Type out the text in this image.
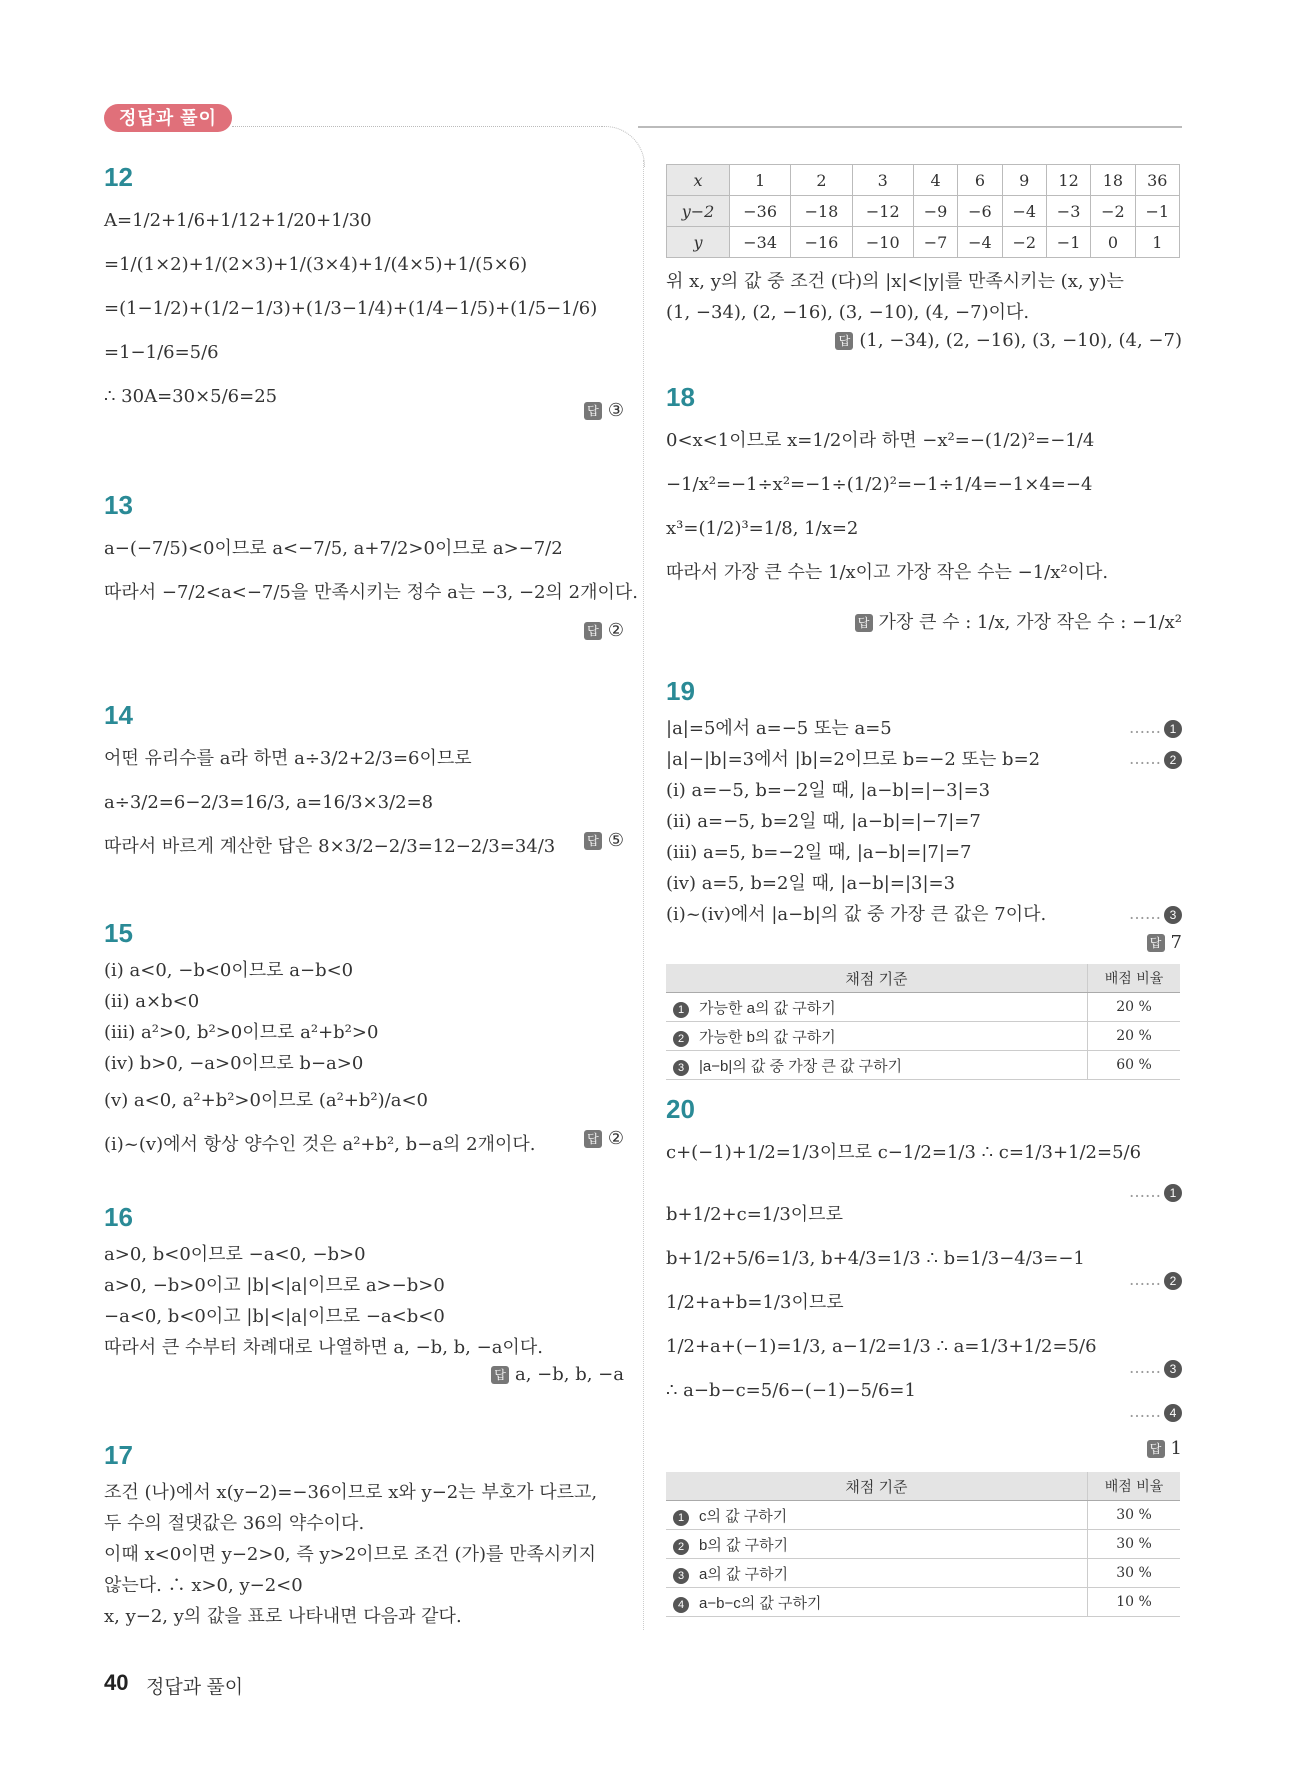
정답과 풀이
12
A=1/2+1/6+1/12+1/20+1/30
=1/(1×2)+1/(2×3)+1/(3×4)+1/(4×5)+1/(5×6)
=(1−1/2)+(1/2−1/3)+(1/3−1/4)+(1/4−1/5)+(1/5−1/6)
=1−1/6=5/6
∴ 30A=30×5/6=25
답 ③
13
a−(−7/5)<0이므로 a<−7/5, a+7/2>0이므로 a>−7/2
따라서 −7/2<a<−7/5을 만족시키는 정수 a는 −3, −2의 2개이다.
답 ②
14
어떤 유리수를 a라 하면 a÷3/2+2/3=6이므로
a÷3/2=6−2/3=16/3, a=16/3×3/2=8
따라서 바르게 계산한 답은 8×3/2−2/3=12−2/3=34/3	답 ⑤
15
(ⅰ) a<0, −b<0이므로 a−b<0
(ⅱ) a×b<0
(ⅲ) a²>0, b²>0이므로 a²+b²>0
(ⅳ) b>0, −a>0이므로 b−a>0
(ⅴ) a<0, a²+b²>0이므로 (a²+b²)/a<0
(ⅰ)~(ⅴ)에서 항상 양수인 것은 a²+b², b−a의 2개이다.	답 ②
16
a>0, b<0이므로 −a<0, −b>0
a>0, −b>0이고 |b|<|a|이므로 a>−b>0
−a<0, b<0이고 |b|<|a|이므로 −a<b<0
따라서 큰 수부터 차례대로 나열하면 a, −b, b, −a이다.
답 a, −b, b, −a
17
조건 (나)에서 x(y−2)=−36이므로 x와 y−2는 부호가 다르고,
두 수의 절댓값은 36의 약수이다.
이때 x<0이면 y−2>0, 즉 y>2이므로 조건 (가)를 만족시키지
않는다. ∴ x>0, y−2<0
x, y−2, y의 값을 표로 나타내면 다음과 같다.
x	1	2	3	4	6	9	12	18	36
y−2	−36	−18	−12	−9	−6	−4	−3	−2	−1
y	−34	−16	−10	−7	−4	−2	−1	0	1
위 x, y의 값 중 조건 (다)의 |x|<|y|를 만족시키는 (x, y)는
(1, −34), (2, −16), (3, −10), (4, −7)이다.
답 (1, −34), (2, −16), (3, −10), (4, −7)
18
0<x<1이므로 x=1/2이라 하면 −x²=−(1/2)²=−1/4
−1/x²=−1÷x²=−1÷(1/2)²=−1÷1/4=−1×4=−4
x³=(1/2)³=1/8, 1/x=2
따라서 가장 큰 수는 1/x이고 가장 작은 수는 −1/x²이다.
답 가장 큰 수 : 1/x, 가장 작은 수 : −1/x²
19
|a|=5에서 a=−5 또는 a=5
|a|−|b|=3에서 |b|=2이므로 b=−2 또는 b=2
(ⅰ) a=−5, b=−2일 때, |a−b|=|−3|=3
(ⅱ) a=−5, b=2일 때, |a−b|=|−7|=7
(ⅲ) a=5, b=−2일 때, |a−b|=|7|=7
(ⅳ) a=5, b=2일 때, |a−b|=|3|=3
(ⅰ)~(ⅳ)에서 |a−b|의 값 중 가장 큰 값은 7이다.
…… 1
…… 2
…… 3
답 7
채점 기준	배점 비율
1 가능한 a의 값 구하기	20 %
2 가능한 b의 값 구하기	20 %
3 |a−b|의 값 중 가장 큰 값 구하기	60 %
20
c+(−1)+1/2=1/3이므로 c−1/2=1/3 ∴ c=1/3+1/2=5/6
b+1/2+c=1/3이므로
b+1/2+5/6=1/3, b+4/3=1/3 ∴ b=1/3−4/3=−1
1/2+a+b=1/3이므로
1/2+a+(−1)=1/3, a−1/2=1/3 ∴ a=1/3+1/2=5/6
∴ a−b−c=5/6−(−1)−5/6=1
…… 1
…… 2
…… 3
…… 4
답 1
채점 기준	배점 비율
1 c의 값 구하기	30 %
2 b의 값 구하기	30 %
3 a의 값 구하기	30 %
4 a−b−c의 값 구하기	10 %
40 정답과 풀이
